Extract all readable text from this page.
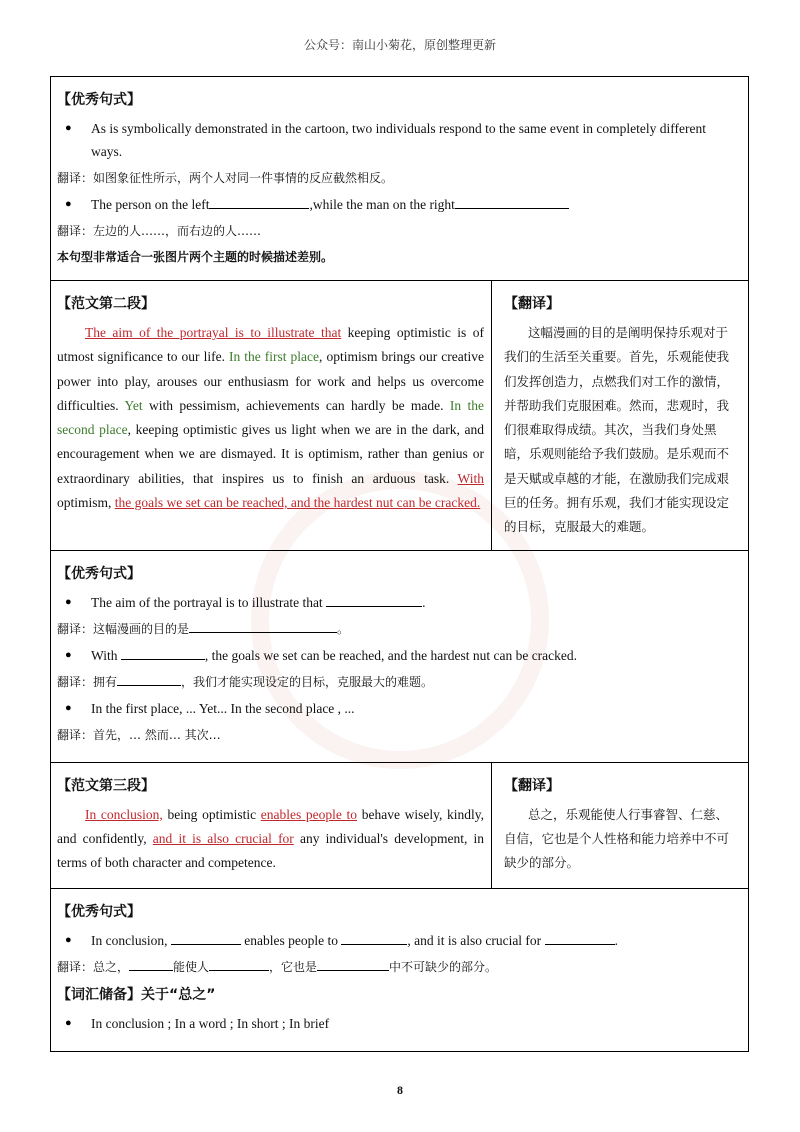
公众号：南山小菊花，原创整理更新

【优秀句式】

● As is symbolically demonstrated in the cartoon, two individuals respond to the same event in completely different ways.
翻译：如图象征性所示，两个人对同一件事情的反应截然相反。
● The person on the left	,while the man on the right
翻译：左边的人……，而右边的人……
本句型非常适合一张图片两个主题的时候描述差别。

【范文第二段】

The aim of the portrayal is to illustrate that keeping optimistic is of utmost significance to our life. In the first place, optimism brings our creative power into play, arouses our enthusiasm for work and helps us overcome difficulties. Yet with pessimism, achievements can hardly be made. In the second place, keeping optimistic gives us light when we are in the dark, and encouragement when we are dismayed. It is optimism, rather than genius or extraordinary abilities, that inspires us to finish an arduous task. With optimism, the goals we set can be reached, and the hardest nut can be cracked.

【翻译】

这幅漫画的目的是阐明保持乐观对于我们的生活至关重要。首先，乐观能使我们发挥创造力，点燃我们对工作的激情，并帮助我们克服困难。然而，悲观时，我们很难取得成绩。其次，当我们身处黑暗，乐观则能给予我们鼓励。是乐观而不是天赋或卓越的才能，在激励我们完成艰巨的任务。拥有乐观，我们才能实现设定的目标，克服最大的难题。

【优秀句式】

● The aim of the portrayal is to illustrate that	.
翻译：这幅漫画的目的是	。
● With	, the goals we set can be reached, and the hardest nut can be cracked.
翻译：拥有	，我们才能实现设定的目标，克服最大的难题。
● In the first place, ... Yet... In the second place , ...
翻译：首先，… 然而… 其次…

【范文第三段】

In conclusion, being optimistic enables people to behave wisely, kindly, and confidently, and it is also crucial for any individual's development, in terms of both character and competence.

【翻译】

总之，乐观能使人行事睿智、仁慈、自信，它也是个人性格和能力培养中不可缺少的部分。

【优秀句式】

● In conclusion,	enables people to	, and it is also crucial for	.
翻译：总之，	能使人	，它也是	中不可缺少的部分。

【词汇储备】关于“总之”

● In conclusion ; In a word ; In short ; In brief
8
